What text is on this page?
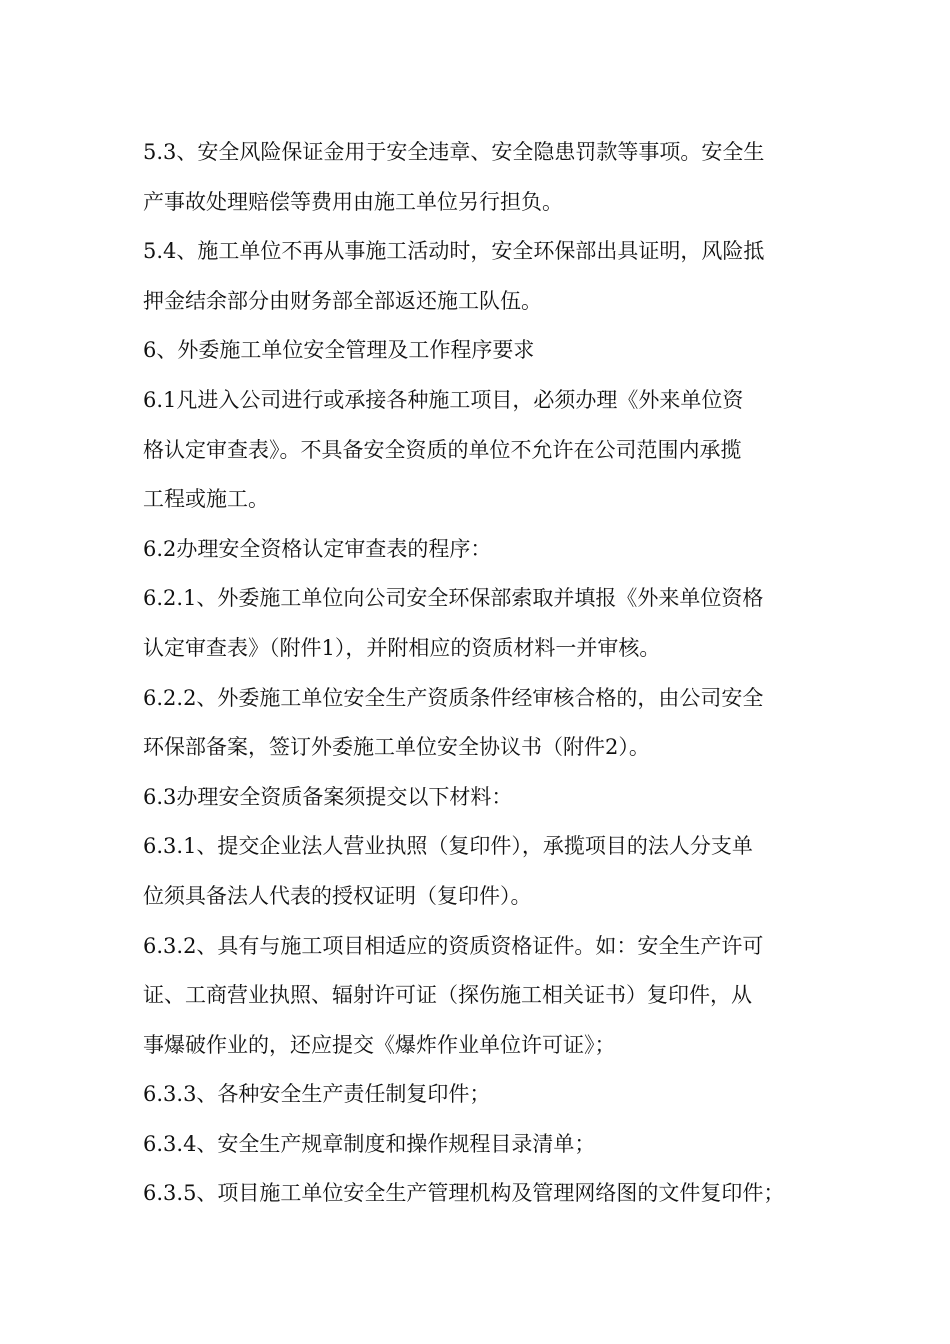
5.3、安全风险保证金用于安全违章、安全隐患罚款等事项。安全生
产事故处理赔偿等费用由施工单位另行担负。

5.4、施工单位不再从事施工活动时，安全环保部出具证明，风险抵
押金结余部分由财务部全部返还施工队伍。

6、外委施工单位安全管理及工作程序要求

6.1凡进入公司进行或承接各种施工项目，必须办理《外来单位资
格认定审查表》。不具备安全资质的单位不允许在公司范围内承揽
工程或施工。

6.2办理安全资格认定审查表的程序：

6.2.1、外委施工单位向公司安全环保部索取并填报《外来单位资格
认定审查表》（附件1），并附相应的资质材料一并审核。

6.2.2、外委施工单位安全生产资质条件经审核合格的，由公司安全
环保部备案，签订外委施工单位安全协议书（附件2）。

6.3办理安全资质备案须提交以下材料：

6.3.1、提交企业法人营业执照（复印件），承揽项目的法人分支单
位须具备法人代表的授权证明（复印件）。

6.3.2、具有与施工项目相适应的资质资格证件。如：安全生产许可
证、工商营业执照、辐射许可证（探伤施工相关证书）复印件，从
事爆破作业的，还应提交《爆炸作业单位许可证》；

6.3.3、各种安全生产责任制复印件；

6.3.4、安全生产规章制度和操作规程目录清单；

6.3.5、项目施工单位安全生产管理机构及管理网络图的文件复印件；
